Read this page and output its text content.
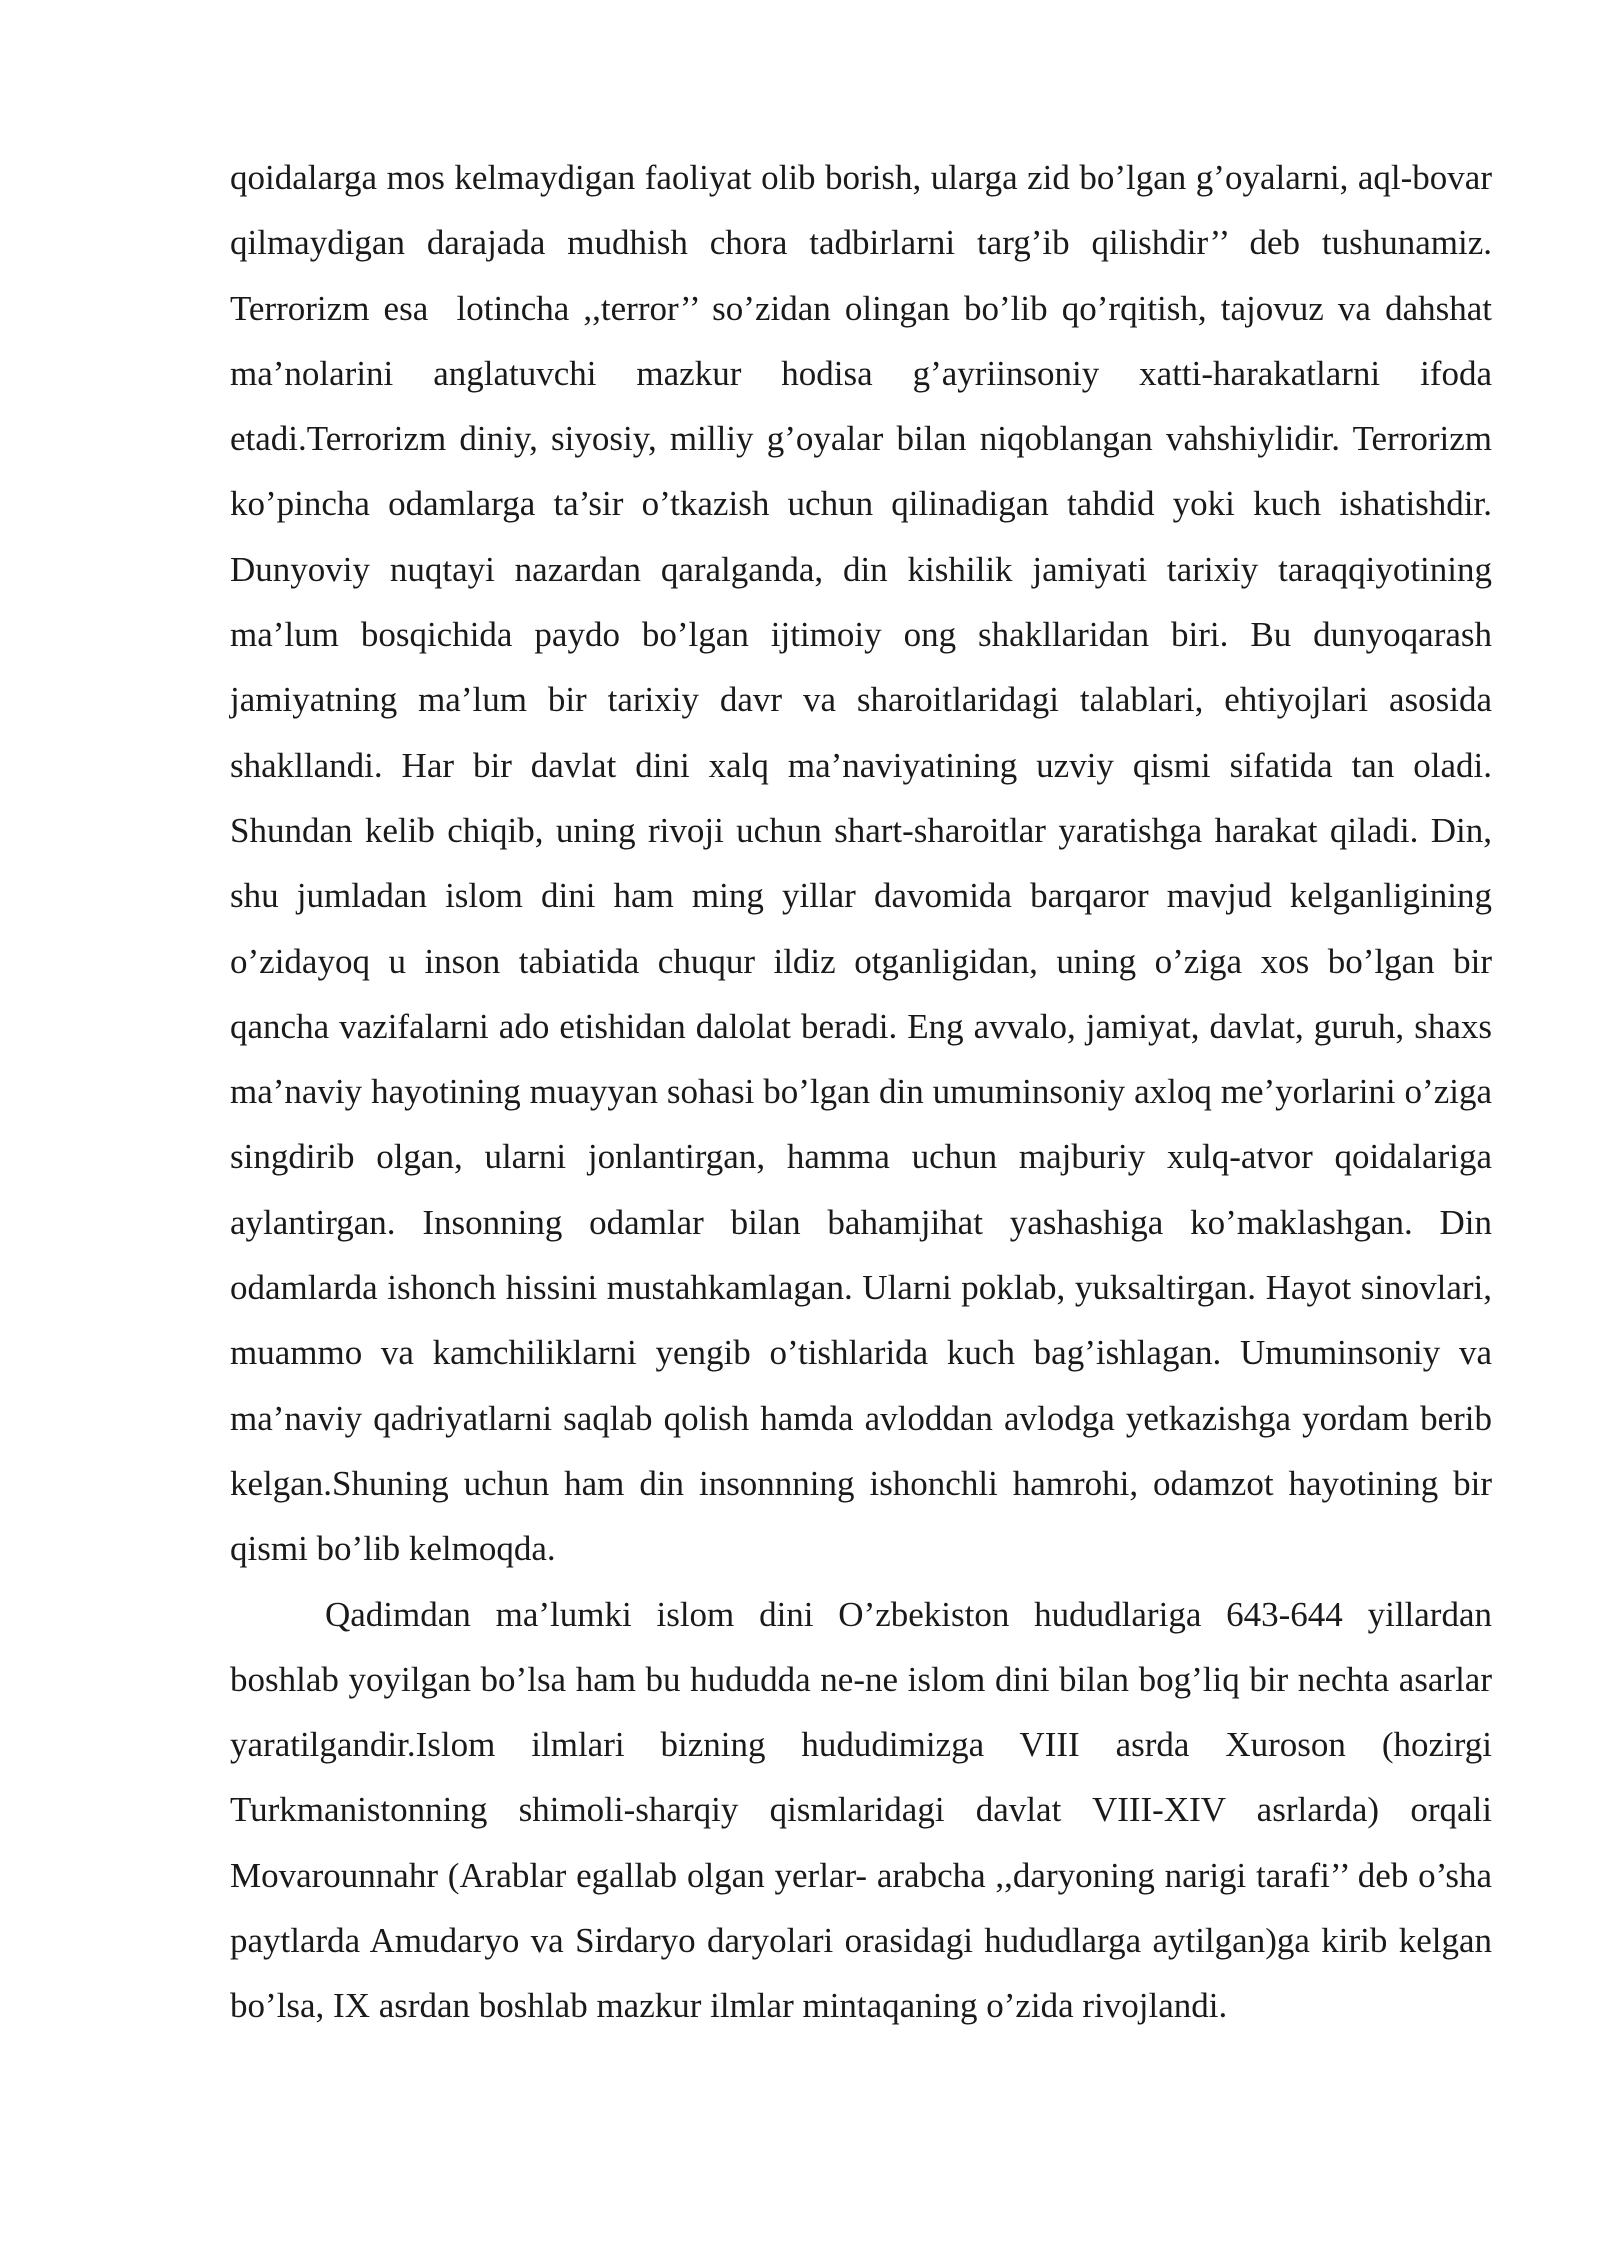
qoidalarga mos kelmaydigan faoliyat olib borish, ularga zid bo’lgan g’oyalarni, aql-bovar qilmaydigan darajada mudhish chora tadbirlarni targ’ib qilishdir’’ deb tushunamiz. Terrorizm esa  lotincha ,,terror’’ so’zidan olingan bo’lib qo’rqitish, tajovuz va dahshat ma’nolarini anglatuvchi mazkur hodisa g’ayriinsoniy xatti-harakatlarni ifoda etadi.Terrorizm diniy, siyosiy, milliy g’oyalar bilan niqoblangan vahshiylidir. Terrorizm ko’pincha odamlarga ta’sir o’tkazish uchun qilinadigan tahdid yoki kuch ishatishdir.     Dunyoviy nuqtayi nazardan qaralganda, din kishilik jamiyati tarixiy taraqqiyotining ma’lum bosqichida paydo bo’lgan ijtimoiy ong shakllaridan biri. Bu dunyoqarash jamiyatning ma’lum bir tarixiy davr va sharoitlaridagi talablari, ehtiyojlari asosida shakllandi. Har bir davlat dini xalq ma’naviyatining uzviy qismi sifatida tan oladi. Shundan kelib chiqib, uning rivoji uchun shart-sharoitlar yaratishga harakat qiladi. Din, shu jumladan islom dini ham ming yillar davomida barqaror mavjud kelganligining o’zidayoq u inson tabiatida chuqur ildiz otganligidan, uning o’ziga xos bo’lgan bir qancha vazifalarni ado etishidan dalolat beradi. Eng avvalo, jamiyat, davlat, guruh, shaxs ma’naviy hayotining muayyan sohasi bo’lgan din umuminsoniy axloq me’yorlarini o’ziga  singdirib olgan, ularni jonlantirgan, hamma uchun majburiy xulq-atvor qoidalariga aylantirgan. Insonning odamlar bilan bahamjihat yashashiga ko’maklashgan. Din odamlarda ishonch hissini mustahkamlagan. Ularni poklab, yuksaltirgan. Hayot sinovlari, muammo va kamchiliklarni yengib o’tishlarida kuch bag’ishlagan. Umuminsoniy va ma’naviy qadriyatlarni saqlab qolish hamda avloddan avlodga yetkazishga yordam berib kelgan.Shuning uchun ham din insonnning ishonchli hamrohi, odamzot hayotining bir qismi bo’lib kelmoqda.

Qadimdan ma’lumki islom dini O’zbekiston hududlariga 643-644 yillardan boshlab yoyilgan bo’lsa ham bu hududda ne-ne islom dini bilan bog’liq bir nechta asarlar yaratilgandir.Islom ilmlari bizning hududimizga VIII asrda Xuroson (hozirgi Turkmanistonning shimoli-sharqiy qismlaridagi davlat VIII-XIV asrlarda) orqali Movarounnahr (Arablar egallab olgan yerlar- arabcha ,,daryoning narigi tarafi’’ deb o’sha paytlarda Amudaryo va Sirdaryo daryolari orasidagi hududlarga aytilgan)ga kirib kelgan bo’lsa, IX asrdan boshlab mazkur ilmlar mintaqaning o’zida rivojlandi.
